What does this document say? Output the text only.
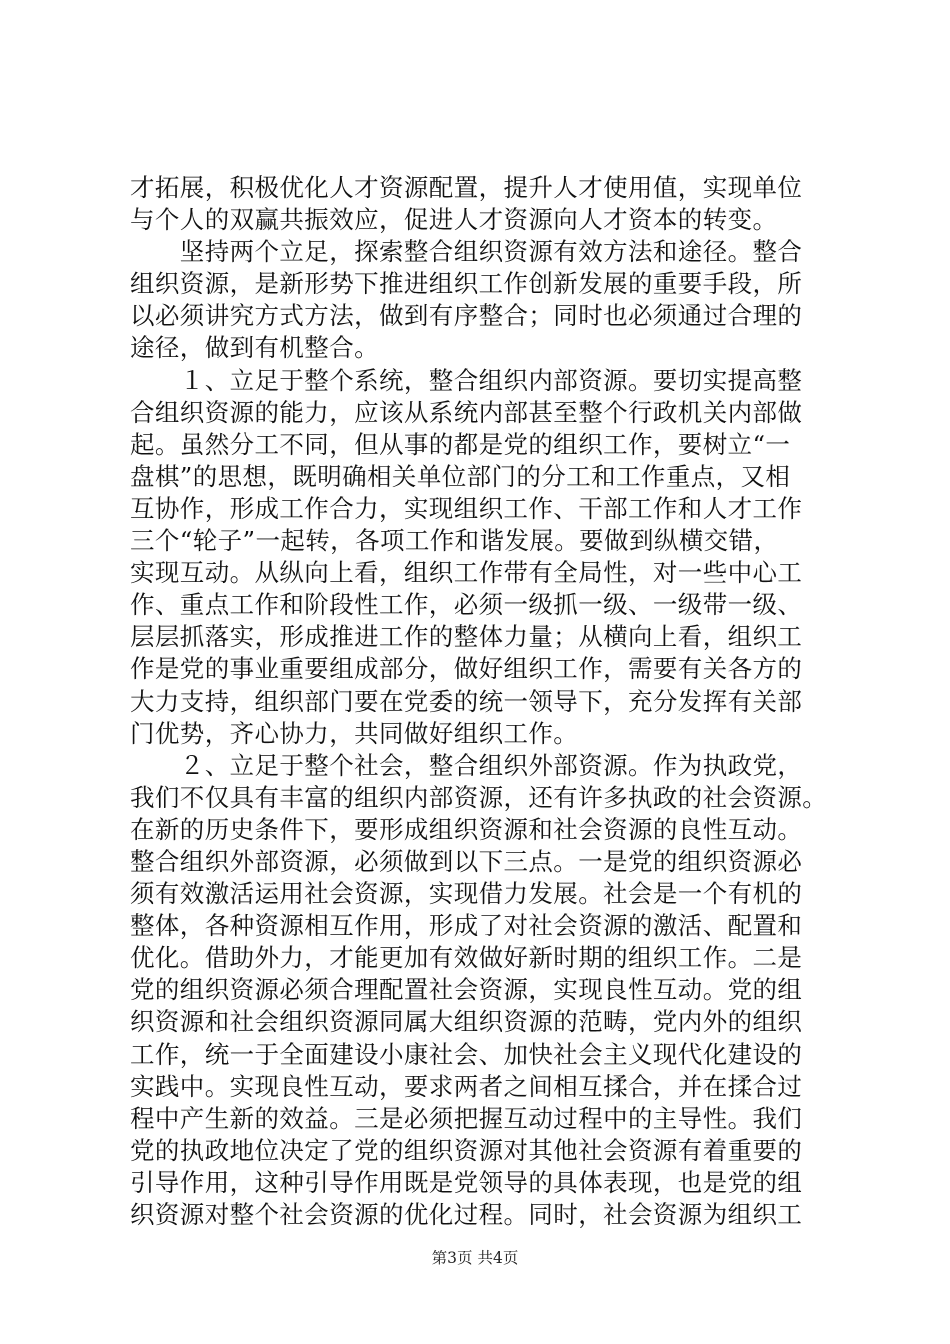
才拓展，积极优化人才资源配置，提升人才使用值，实现单位
与个人的双赢共振效应，促进人才资源向人才资本的转变。
　　坚持两个立足，探索整合组织资源有效方法和途径。整合
组织资源，是新形势下推进组织工作创新发展的重要手段，所
以必须讲究方式方法，做到有序整合；同时也必须通过合理的
途径，做到有机整合。
　　１、立足于整个系统，整合组织内部资源。要切实提高整
合组织资源的能力，应该从系统内部甚至整个行政机关内部做
起。虽然分工不同，但从事的都是党的组织工作，要树立“一
盘棋”的思想，既明确相关单位部门的分工和工作重点，又相
互协作，形成工作合力，实现组织工作、干部工作和人才工作
三个“轮子”一起转，各项工作和谐发展。要做到纵横交错，
实现互动。从纵向上看，组织工作带有全局性，对一些中心工
作、重点工作和阶段性工作，必须一级抓一级、一级带一级、
层层抓落实，形成推进工作的整体力量；从横向上看，组织工
作是党的事业重要组成部分，做好组织工作，需要有关各方的
大力支持，组织部门要在党委的统一领导下，充分发挥有关部
门优势，齐心协力，共同做好组织工作。
　　２、立足于整个社会，整合组织外部资源。作为执政党，
我们不仅具有丰富的组织内部资源，还有许多执政的社会资源。
在新的历史条件下，要形成组织资源和社会资源的良性互动。
整合组织外部资源，必须做到以下三点。一是党的组织资源必
须有效激活运用社会资源，实现借力发展。社会是一个有机的
整体，各种资源相互作用，形成了对社会资源的激活、配置和
优化。借助外力，才能更加有效做好新时期的组织工作。二是
党的组织资源必须合理配置社会资源，实现良性互动。党的组
织资源和社会组织资源同属大组织资源的范畴，党内外的组织
工作，统一于全面建设小康社会、加快社会主义现代化建设的
实践中。实现良性互动，要求两者之间相互揉合，并在揉合过
程中产生新的效益。三是必须把握互动过程中的主导性。我们
党的执政地位决定了党的组织资源对其他社会资源有着重要的
引导作用，这种引导作用既是党领导的具体表现，也是党的组
织资源对整个社会资源的优化过程。同时，社会资源为组织工
第3页 共4页
